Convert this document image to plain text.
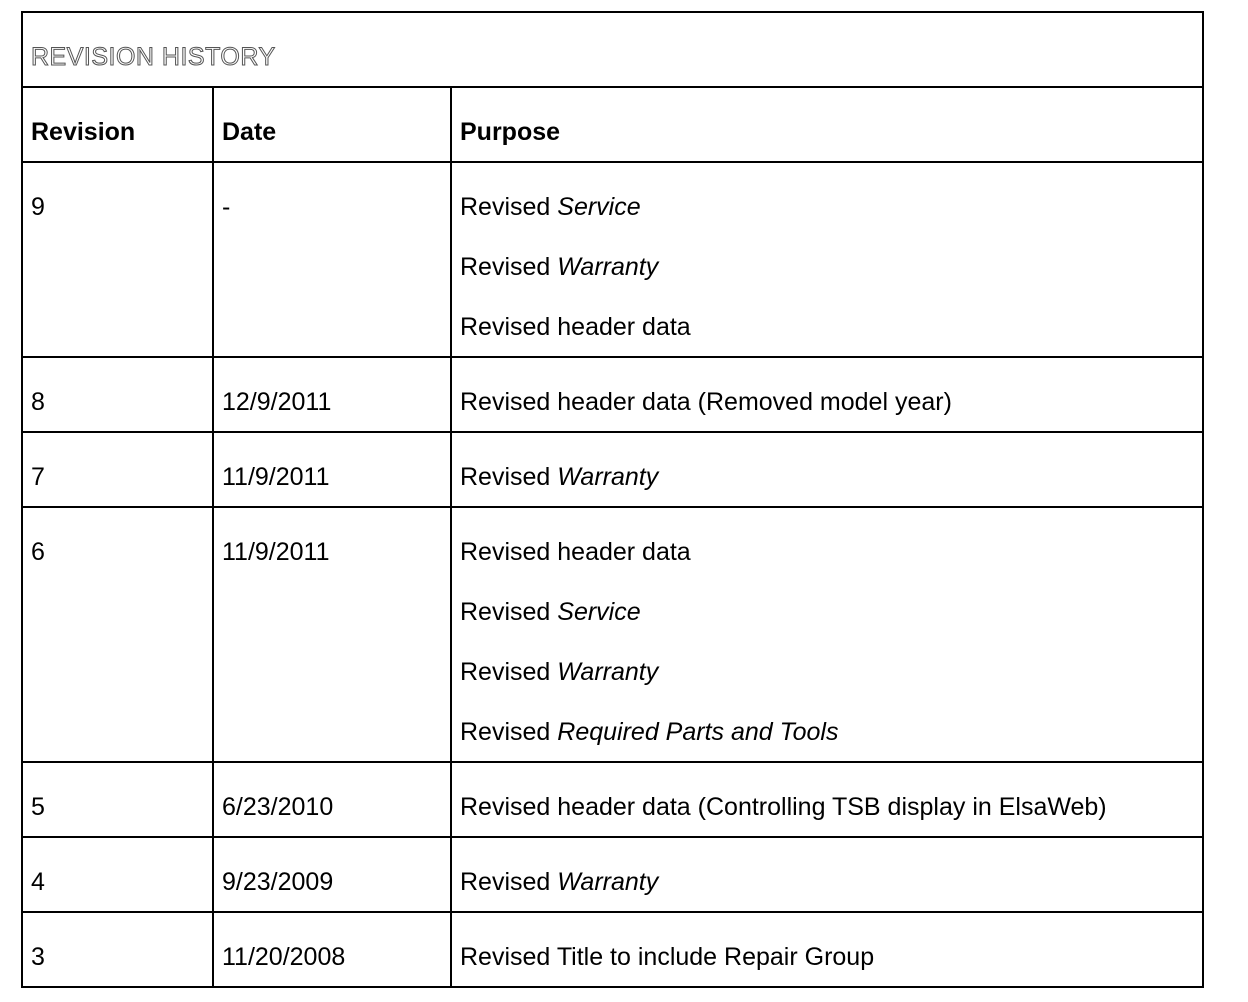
REVISION HISTORY		
Revision	Date	Purpose
9	-	Revised Service
Revised Warranty
Revised header data

8	12/9/2011	Revised header data (Removed model year)

7	11/9/2011	Revised Warranty

6	11/9/2011	Revised header data
Revised Service
Revised Warranty
Revised Required Parts and Tools

5	6/23/2010	Revised header data (Controlling TSB display in ElsaWeb)

4	9/23/2009	Revised Warranty

3	11/20/2008	Revised Title to include Repair Group
